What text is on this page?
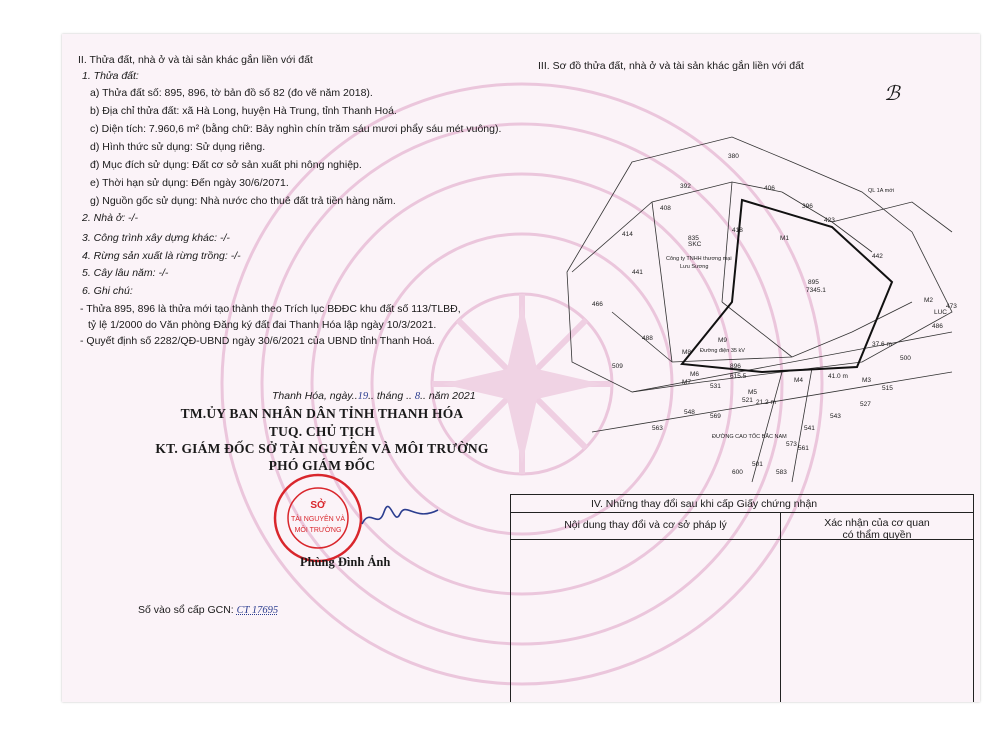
II. Thửa đất, nhà ở và tài sản khác gắn liền với đất
1. Thửa đất:
a) Thửa đất số: 895, 896, tờ bản đồ số 82 (đo vẽ năm 2018).
b) Địa chỉ thửa đất: xã Hà Long, huyện Hà Trung, tỉnh Thanh Hoá.
c) Diện tích: 7.960,6 m² (bằng chữ: Bảy nghìn chín trăm sáu mươi phẩy sáu mét vuông).
d) Hình thức sử dụng: Sử dụng riêng.
đ) Mục đích sử dụng: Đất cơ sở sản xuất phi nông nghiệp.
e) Thời hạn sử dụng: Đến ngày 30/6/2071.
g) Nguồn gốc sử dụng: Nhà nước cho thuê đất trả tiền hàng năm.
2. Nhà ở: -/-
3. Công trình xây dựng khác: -/-
4. Rừng sản xuất là rừng trồng: -/-
5. Cây lâu năm: -/-
6. Ghi chú:
- Thửa 895, 896 là thửa mới tạo thành theo Trích lục BĐĐC khu đất số 113/TLBĐ,
tỷ lệ 1/2000 do Văn phòng Đăng ký đất đai Thanh Hóa lập ngày 10/3/2021.
- Quyết định số 2282/QĐ-UBND ngày 30/6/2021 của UBND tỉnh Thanh Hoá.
Thanh Hóa, ngày..19.. tháng .. 8.. năm 2021
TM.ỦY BAN NHÂN DÂN TỈNH THANH HÓA
TUQ. CHỦ TỊCH
KT. GIÁM ĐỐC SỞ TÀI NGUYÊN VÀ MÔI TRƯỜNG
PHÓ GIÁM ĐỐC
SỞ
TÀI NGUYÊN VÀ
MÔI TRƯỜNG
Phùng Đình Ảnh
Số vào sổ cấp GCN: CT 17695
III. Sơ đồ thửa đất, nhà ở và tài sản khác gắn liền với đất
ℬ
380
392	406
396
423
408
414
418
835
441
895
7345.1
442
466
488
473
486
509
531
896
615.5
521
500
515
527
548
563
569	543
573
600
501
583
541
561
Công ty TNHH thương mại
Lưu Sương
QL 1A mới
Đường điện 35 kV
ĐƯỜNG CAO TỐC BẮC NAM
SKC
LUC
M1
M2
M3
M4
M5
M6
M7
M8
M9
41.0 m
21.2 m
37.6 m
IV. Những thay đổi sau khi cấp Giấy chứng nhận
Nội dung thay đổi và cơ sở pháp lý	Xác nhận của cơ quan
có thẩm quyền
